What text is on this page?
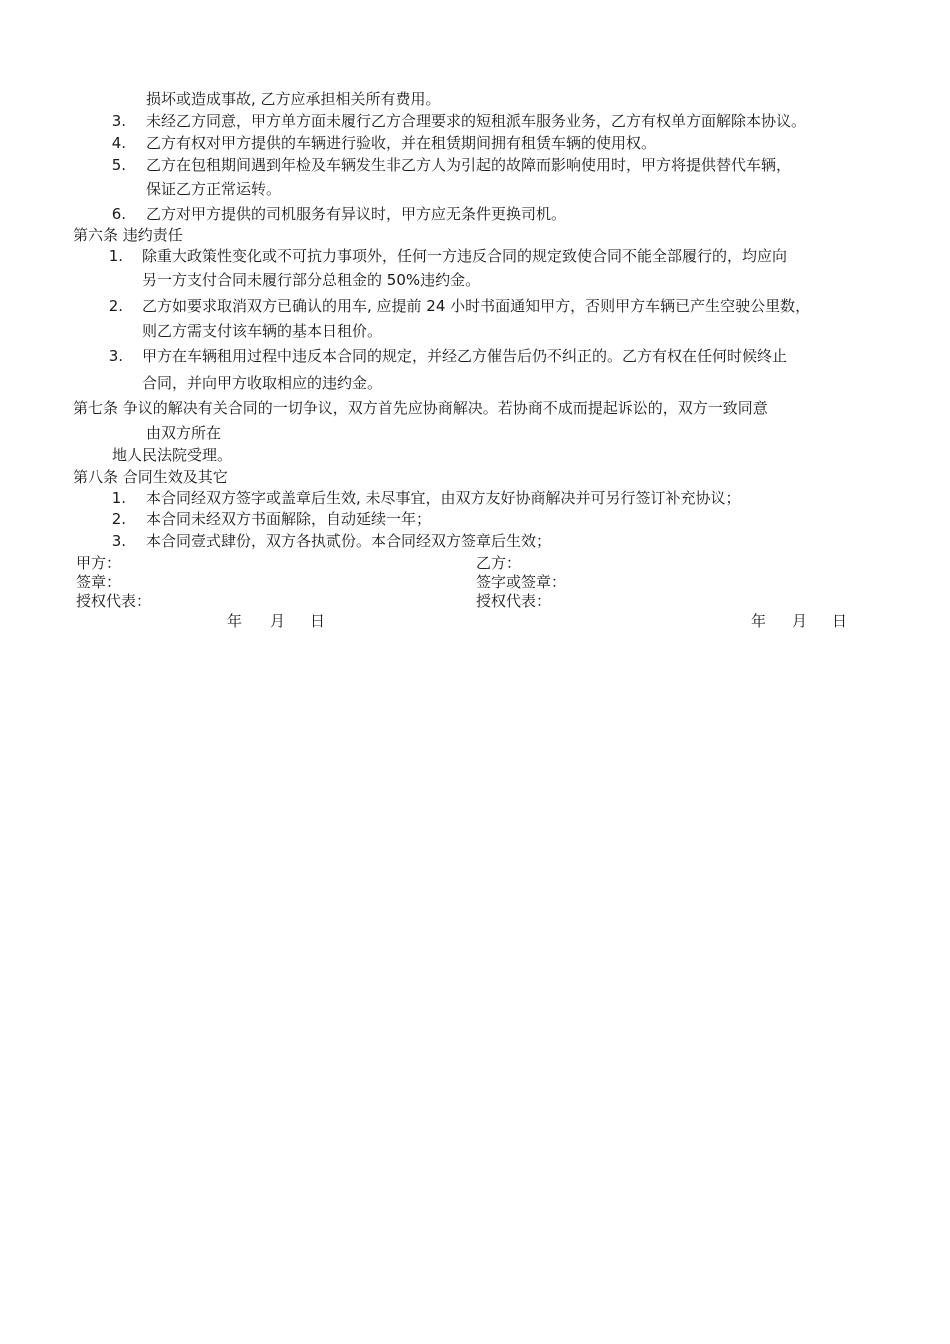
损坏或造成事故, 乙方应承担相关所有费用。
3. 未经乙方同意，甲方单方面未履行乙方合理要求的短租派车服务业务，乙方有权单方面解除本协议。
4. 乙方有权对甲方提供的车辆进行验收，并在租赁期间拥有租赁车辆的使用权。
5. 乙方在包租期间遇到年检及车辆发生非乙方人为引起的故障而影响使用时，甲方将提供替代车辆，
保证乙方正常运转。
6. 乙方对甲方提供的司机服务有异议时，甲方应无条件更换司机。
第六条 违约责任
1. 除重大政策性变化或不可抗力事项外，任何一方违反合同的规定致使合同不能全部履行的，均应向
另一方支付合同未履行部分总租金的 50%违约金。
2. 乙方如要求取消双方已确认的用车, 应提前 24 小时书面通知甲方，否则甲方车辆已产生空驶公里数，
则乙方需支付该车辆的基本日租价。
3. 甲方在车辆租用过程中违反本合同的规定，并经乙方催告后仍不纠正的。乙方有权在任何时候终止
合同，并向甲方收取相应的违约金。
第七条 争议的解决有关合同的一切争议，双方首先应协商解决。若协商不成而提起诉讼的，双方一致同意
由双方所在
地人民法院受理。
第八条 合同生效及其它
1. 本合同经双方签字或盖章后生效, 未尽事宜，由双方友好协商解决并可另行签订补充协议；
2. 本合同未经双方书面解除，自动延续一年；
3. 本合同壹式肆份，双方各执贰份。本合同经双方签章后生效；
甲方：
签章：
授权代表：
年 月 日
乙方：
签字或签章：
授权代表：
年 月 日
